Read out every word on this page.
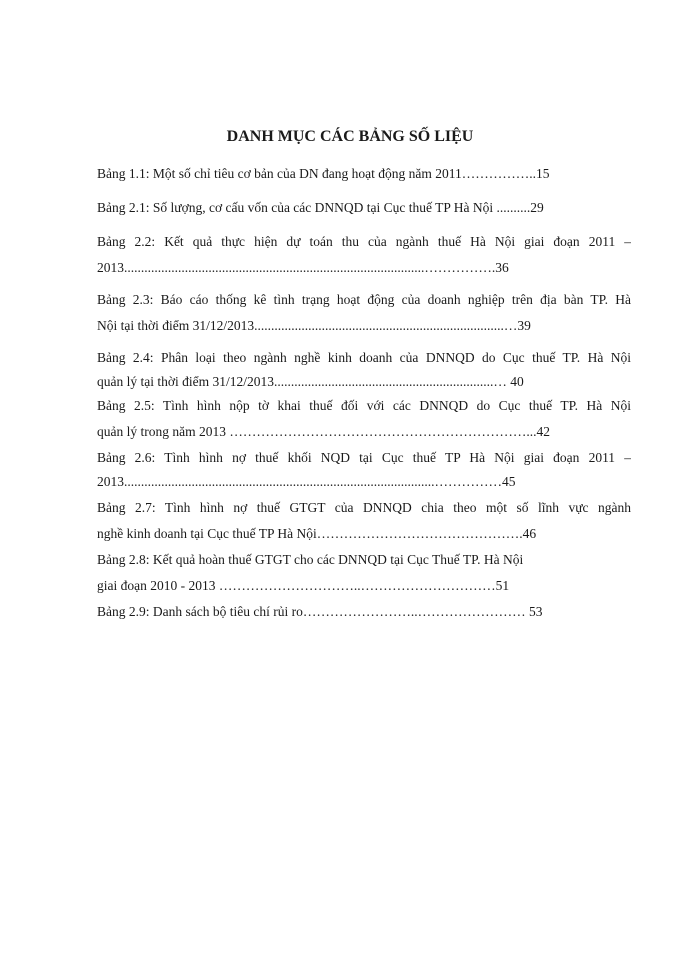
DANH MỤC CÁC BẢNG SỐ LIỆU
Bảng 1.1: Một số chỉ tiêu cơ bản của DN đang hoạt động năm 2011……………..15
Bảng 2.1: Số lượng, cơ cấu vốn của các DNNQD tại Cục thuế TP Hà Nội ..........29
Bảng 2.2: Kết quả thực hiện dự toán thu của ngành thuế Hà Nội giai đoạn 2011 –
2013.........................................................................................…………….36
Bảng 2.3: Báo cáo thống kê tình trạng hoạt động của doanh nghiệp trên địa bàn TP. Hà
Nội tại thời điểm 31/12/2013..........................................................................…39
Bảng 2.4: Phân loại theo ngành nghề kinh doanh của DNNQD do Cục thuế TP. Hà Nội
quản lý tại thời điểm 31/12/2013.................................................................… 40
Bảng 2.5: Tình hình nộp tờ khai thuế đối với các DNNQD do Cục thuế TP. Hà Nội
quản lý trong năm 2013 …………………………………………………………...42
Bảng 2.6: Tình hình nợ thuế khối NQD tại Cục thuế TP Hà Nội giai đoạn 2011 –
2013............................................................................................……………45
Bảng 2.7: Tình hình nợ thuế GTGT của DNNQD chia theo một số lĩnh vực ngành
nghề kinh doanh tại Cục thuế TP Hà Nội……………………………………….46
Bảng 2.8: Kết quả hoàn thuế GTGT cho các DNNQD tại Cục Thuế TP. Hà Nội
giai đoạn 2010 - 2013 …………………………..…………………………51
Bảng 2.9: Danh sách bộ tiêu chí rủi ro……………………..…………………… 53
